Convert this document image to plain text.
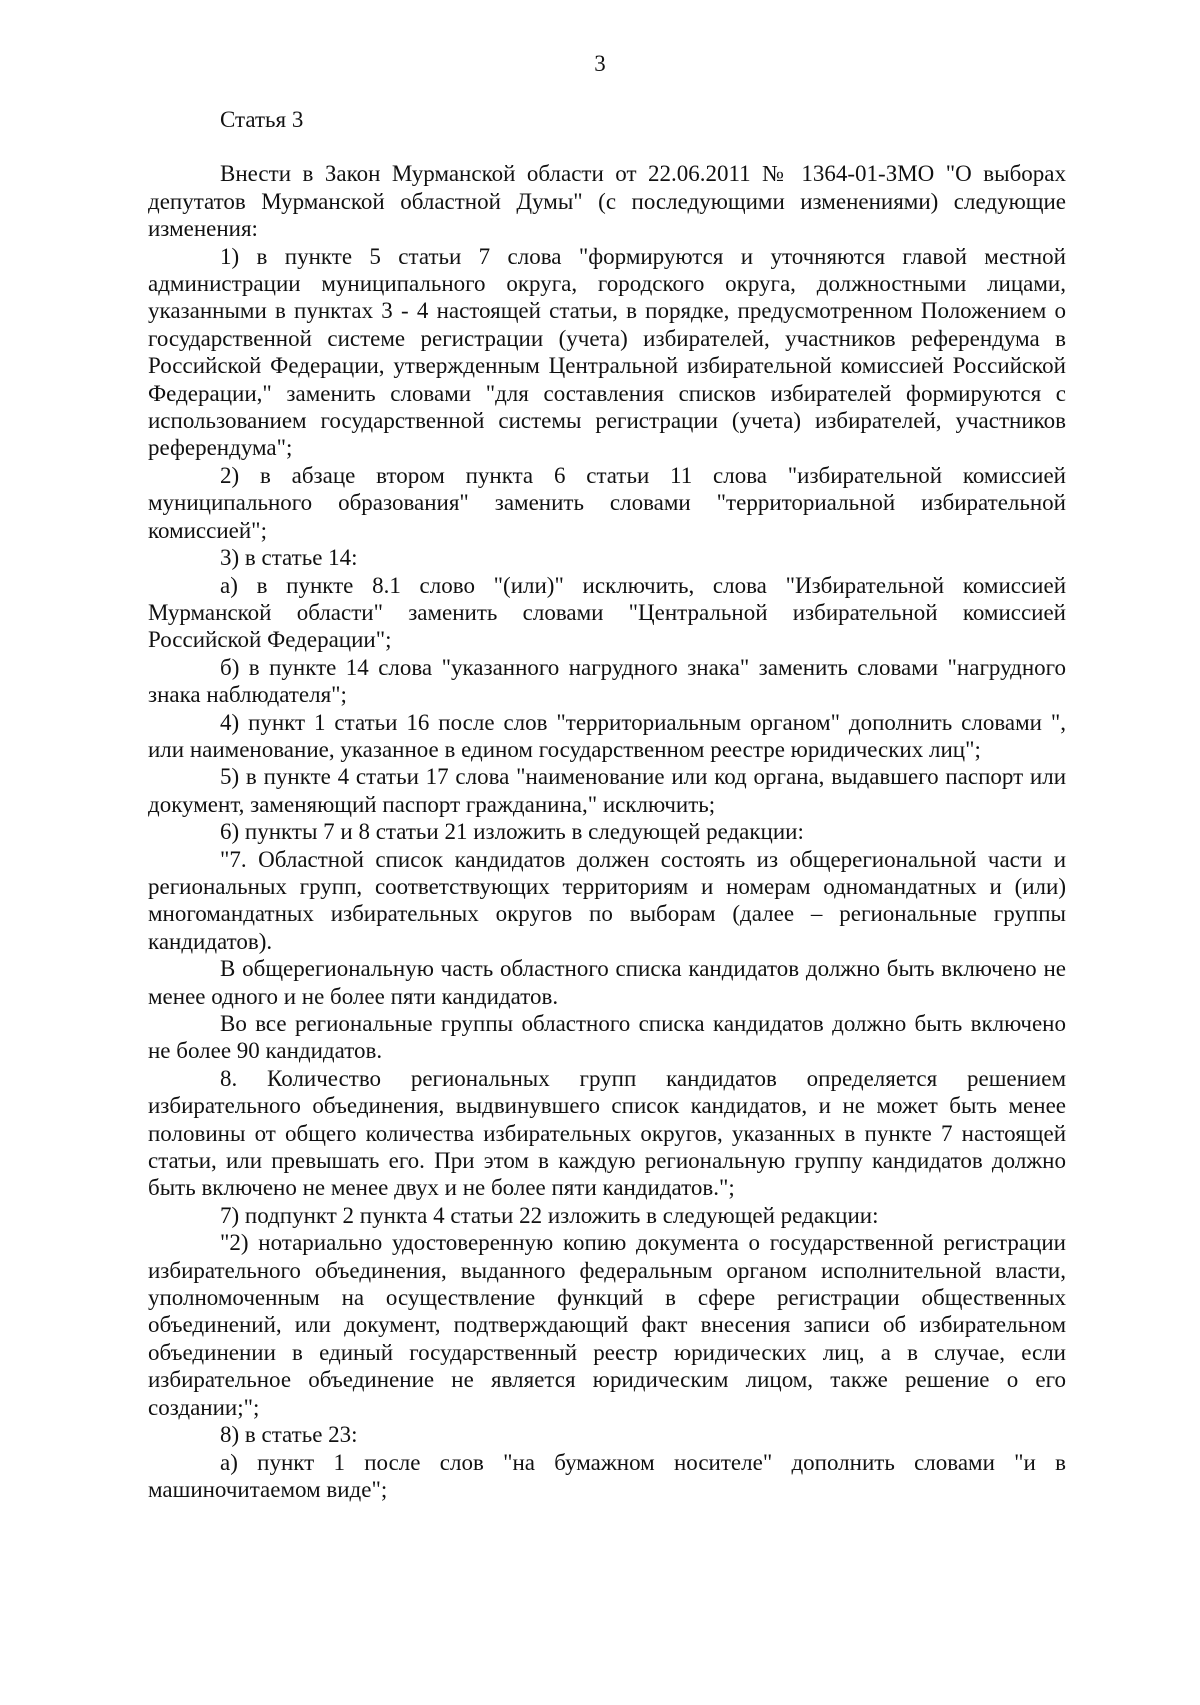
3

Статья 3

Внести в Закон Мурманской области от 22.06.2011 № 1364-01-ЗМО "О выборах депутатов Мурманской областной Думы" (с последующими изменениями) следующие изменения:

1) в пункте 5 статьи 7 слова "формируются и уточняются главой местной администрации муниципального округа, городского округа, должностными лицами, указанными в пунктах 3 - 4 настоящей статьи, в порядке, предусмотренном Положением о государственной системе регистрации (учета) избирателей, участников референдума в Российской Федерации, утвержденным Центральной избирательной комиссией Российской Федерации," заменить словами "для составления списков избирателей формируются с использованием государственной системы регистрации (учета) избирателей, участников референдума";

2) в абзаце втором пункта 6 статьи 11 слова "избирательной комиссией муниципального образования" заменить словами "территориальной избирательной комиссией";

3) в статье 14:

а) в пункте 8.1 слово "(или)" исключить, слова "Избирательной комиссией Мурманской области" заменить словами "Центральной избирательной комиссией Российской Федерации";

б) в пункте 14 слова "указанного нагрудного знака" заменить словами "нагрудного знака наблюдателя";

4) пункт 1 статьи 16 после слов "территориальным органом" дополнить словами ", или наименование, указанное в едином государственном реестре юридических лиц";

5) в пункте 4 статьи 17 слова "наименование или код органа, выдавшего паспорт или документ, заменяющий паспорт гражданина," исключить;

6) пункты 7 и 8 статьи 21 изложить в следующей редакции:

"7. Областной список кандидатов должен состоять из общерегиональной части и региональных групп, соответствующих территориям и номерам одномандатных и (или) многомандатных избирательных округов по выборам (далее – региональные группы кандидатов).

В общерегиональную часть областного списка кандидатов должно быть включено не менее одного и не более пяти кандидатов.

Во все региональные группы областного списка кандидатов должно быть включено не более 90 кандидатов.

8. Количество региональных групп кандидатов определяется решением избирательного объединения, выдвинувшего список кандидатов, и не может быть менее половины от общего количества избирательных округов, указанных в пункте 7 настоящей статьи, или превышать его. При этом в каждую региональную группу кандидатов должно быть включено не менее двух и не более пяти кандидатов.";

7) подпункт 2 пункта 4 статьи 22 изложить в следующей редакции:

"2) нотариально удостоверенную копию документа о государственной регистрации избирательного объединения, выданного федеральным органом исполнительной власти, уполномоченным на осуществление функций в сфере регистрации общественных объединений, или документ, подтверждающий факт внесения записи об избирательном объединении в единый государственный реестр юридических лиц, а в случае, если избирательное объединение не является юридическим лицом, также решение о его создании;";

8) в статье 23:

а) пункт 1 после слов "на бумажном носителе" дополнить словами "и в машиночитаемом виде";
